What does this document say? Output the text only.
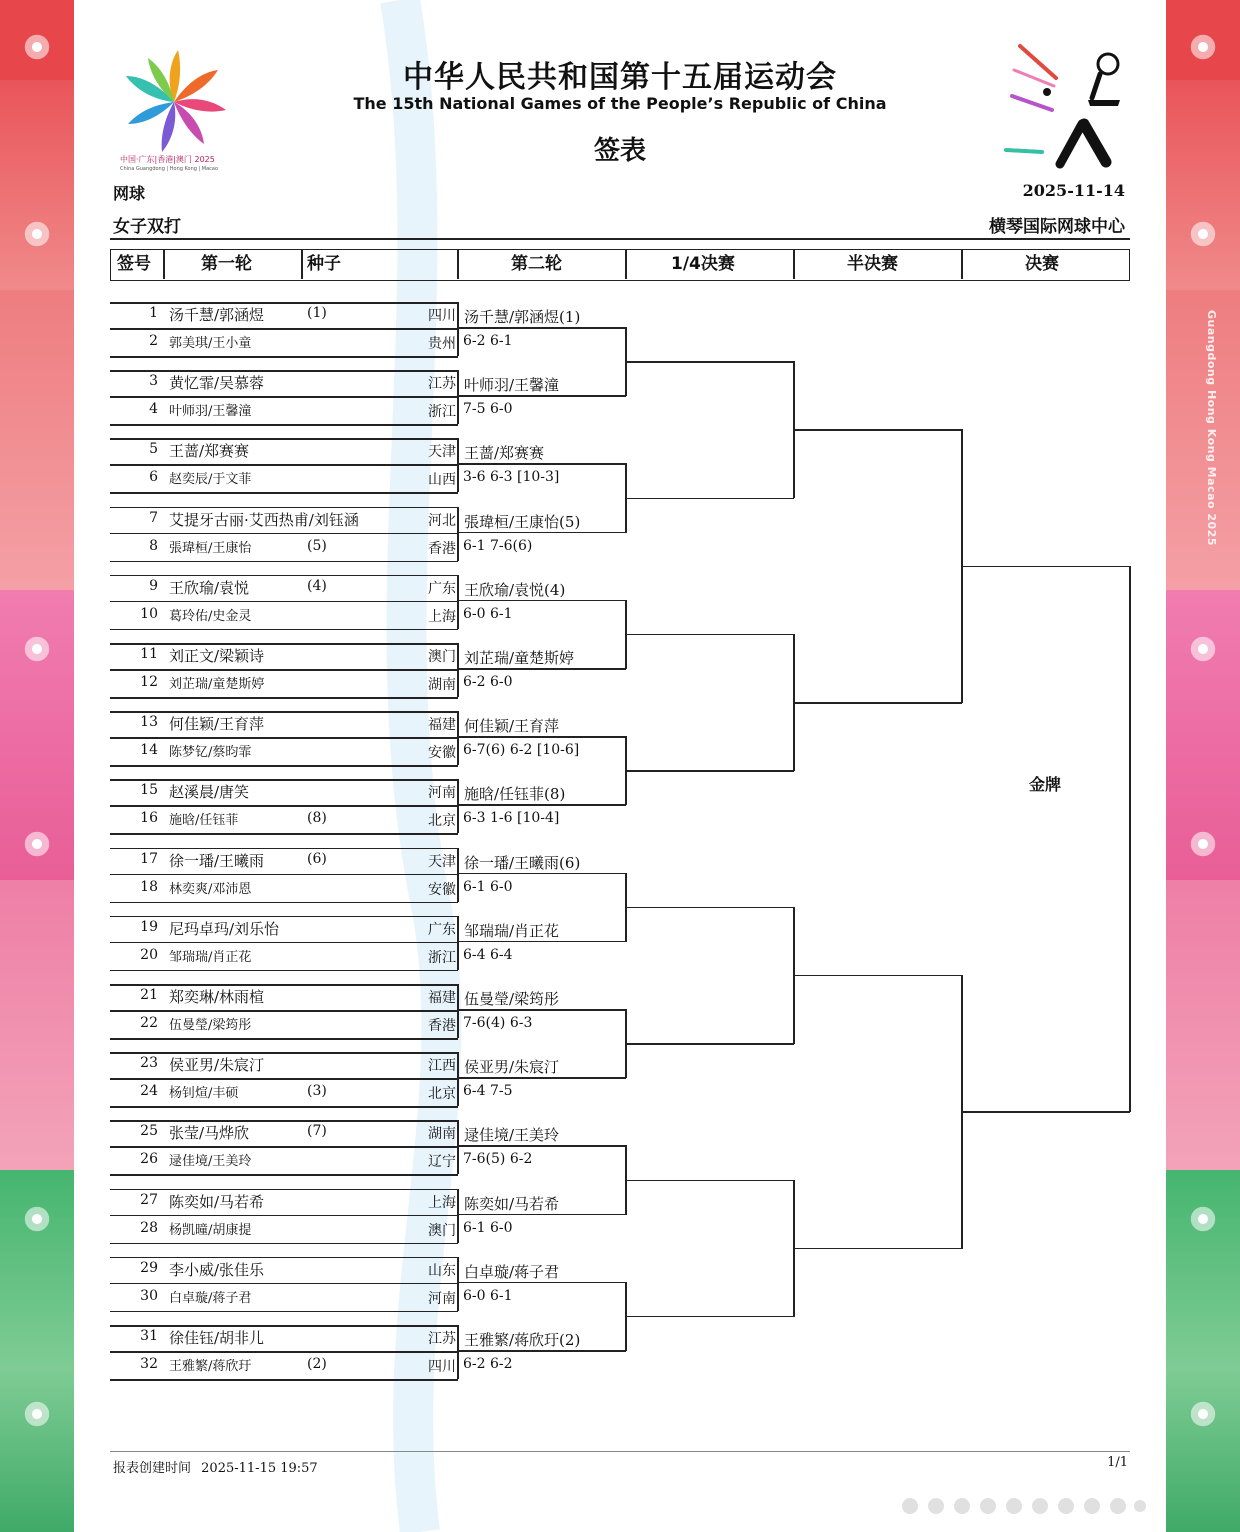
Guangdong Hong Kong Macao 2025
中国·广东|香港|澳门 2025
China Guangdong | Hong Kong | Macao
中华人民共和国第十五届运动会
The 15th National Games of the People’s Republic of China
签表
网球
女子双打
2025-11-14
横琴国际网球中心
签号	第一轮	种子	第二轮	1/4决赛	半决赛	决赛
1 汤千慧/郭涵煜	(1)	四川
2 郭美琪/王小童	贵州
3 黄忆霏/吴慕蓉	江苏
4 叶师羽/王馨潼	浙江
5 王蔷/郑赛赛	天津
6 赵奕辰/于文菲	山西
7 艾提牙古丽·艾西热甫/刘钰涵	河北
8 張瑋桓/王康怡	(5)	香港
9 王欣瑜/袁悦	(4)	广东
10 葛玲佑/史金灵	上海
11 刘正文/梁颖诗	澳门
12 刘芷瑞/童楚斯婷	湖南
13 何佳颖/王育萍	福建
14 陈梦钇/蔡昀霏	安徽
15 赵溪晨/唐笑	河南
16 施晗/任钰菲	(8)	北京
17 徐一璠/王曦雨	(6)	天津
18 林奕爽/邓沛恩	安徽
19 尼玛卓玛/刘乐怡	广东
20 邹瑞瑞/肖正花	浙江
21 郑奕琳/林雨楦	福建
22 伍曼瑩/梁筠彤	香港
23 侯亚男/朱宸汀	江西
24 杨钊煊/丰硕	(3)	北京
25 张莹/马烨欣	(7)	湖南
26 逯佳境/王美玲	辽宁
27 陈奕如/马若希	上海
28 杨凯曈/胡康提	澳门
29 李小威/张佳乐	山东
30 白卓璇/蒋子君	河南
31 徐佳钰/胡非儿	江苏
32 王雅繁/蒋欣玗	(2)	四川
汤千慧/郭涵煜(1)
6-2 6-1
叶师羽/王馨潼
7-5 6-0
王蔷/郑赛赛
3-6 6-3 [10-3]
張瑋桓/王康怡(5)
6-1 7-6(6)
王欣瑜/袁悦(4)
6-0 6-1
刘芷瑞/童楚斯婷
6-2 6-0
何佳颖/王育萍
6-7(6) 6-2 [10-6]
施晗/任钰菲(8)
6-3 1-6 [10-4]
徐一璠/王曦雨(6)
6-1 6-0
邹瑞瑞/肖正花
6-4 6-4
伍曼瑩/梁筠彤
7-6(4) 6-3
侯亚男/朱宸汀
6-4 7-5
逯佳境/王美玲
7-6(5) 6-2
陈奕如/马若希
6-1 6-0
白卓璇/蒋子君
6-0 6-1
王雅繁/蒋欣玗(2)
6-2 6-2
金牌
报表创建时间 2025-11-15 19:57	1/1
